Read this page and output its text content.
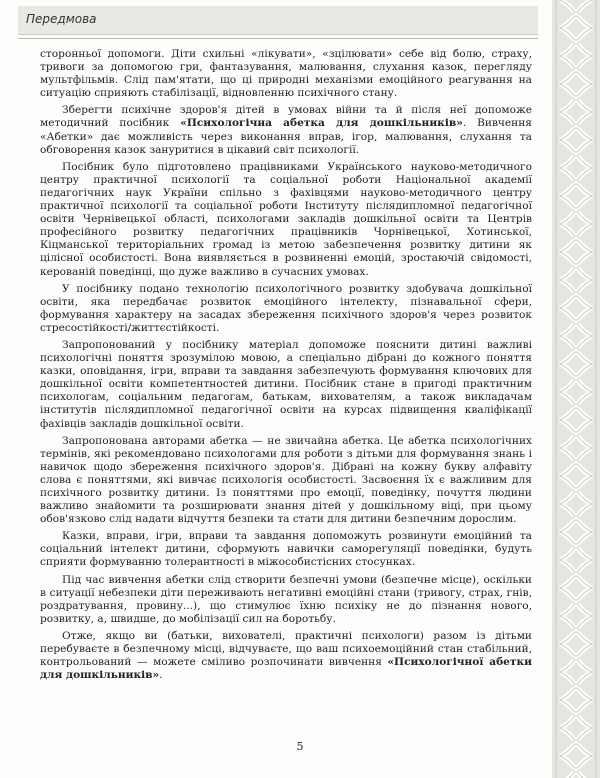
Передмова

сторонньої допомоги. Діти схильні «лікувати», «зцілювати» себе від болю, страху, тривоги за допомогою гри, фантазування, малювання, слухання казок, перегляду мультфільмів. Слід пам'ятати, що ці природні механізми емоційного реагування на ситуацію сприяють стабілізації, відновленню психічного стану.

Зберегти психічне здоров'я дітей в умовах війни та й після неї допоможе методичний посібник «Психологічна абетка для дошкільників». Вивчення «Абетки» дає можливість через виконання вправ, ігор, малювання, слухання та обговорення казок зануритися в цікавий світ психології.

Посібник було підготовлено працівниками Українського науково-методичного центру практичної психології та соціальної роботи Національної академії педагогічних наук України спільно з фахівцями науково-методичного центру практичної психології та соціальної роботи Інституту післядипломної педагогічної освіти Чернівецької області, психологами закладів дошкільної освіти та Центрів професійного розвитку педагогічних працівників Чорнівецької, Хотинської, Кіцманської територіальних громад із метою забезпечення розвитку дитини як цілісної особистості. Вона виявляється в розвиненні емоцій, зростаючій свідомості, керованій поведінці, що дуже важливо в сучасних умовах.

У посібнику подано технологію психологічного розвитку здобувача дошкільної освіти, яка передбачає розвиток емоційного інтелекту, пізнавальної сфери, формування характеру на засадах збереження психічного здоров'я через розвиток стресостійкості/життєстійкості.

Запропонований у посібнику матеріал допоможе пояснити дитині важливі психологічні поняття зрозумілою мовою, а спеціально дібрані до кожного поняття казки, оповідання, ігри, вправи та завдання забезпечують формування ключових для дошкільної освіти компетентностей дитини. Посібник стане в пригоді практичним психологам, соціальним педагогам, батькам, вихователям, а також викладачам інститутів післядипломної педагогічної освіти на курсах підвищення кваліфікації фахівців закладів дошкільної освіти.

Запропонована авторами абетка — не звичайна абетка. Це абетка психологічних термінів, які рекомендовано психологами для роботи з дітьми для формування знань і навичок щодо збереження психічного здоров'я. Дібрані на кожну букву алфавіту слова є поняттями, які вивчає психологія особистості. Засвоєння їх є важливим для психічного розвитку дитини. Із поняттями про емоції, поведінку, почуття людини важливо знайомити та розширювати знання дітей у дошкільному віці, при цьому обов'язково слід надати відчуття безпеки та стати для дитини безпечним дорослим.

Казки, вправи, ігри, вправи та завдання допоможуть розвинути емоційний та соціальний інтелект дитини, сформують навички саморегуляції поведінки, будуть сприяти формуванню толерантності в міжособистісних стосунках.

Під час вивчення абетки слід створити безпечні умови (безпечне місце), оскільки в ситуації небезпеки діти переживають негативні емоційні стани (тривогу, страх, гнів, роздратування, провину...), що стимулює їхню психіку не до пізнання нового, розвитку, а, швидше, до мобілізації сил на боротьбу.

Отже, якщо ви (батьки, вихователі, практичні психологи) разом із дітьми перебуваєте в безпечному місці, відчуваєте, що ваш психоемоційний стан стабільний, контрольований — можете сміливо розпочинати вивчення «Психологічної абетки для дошкільників».

5
